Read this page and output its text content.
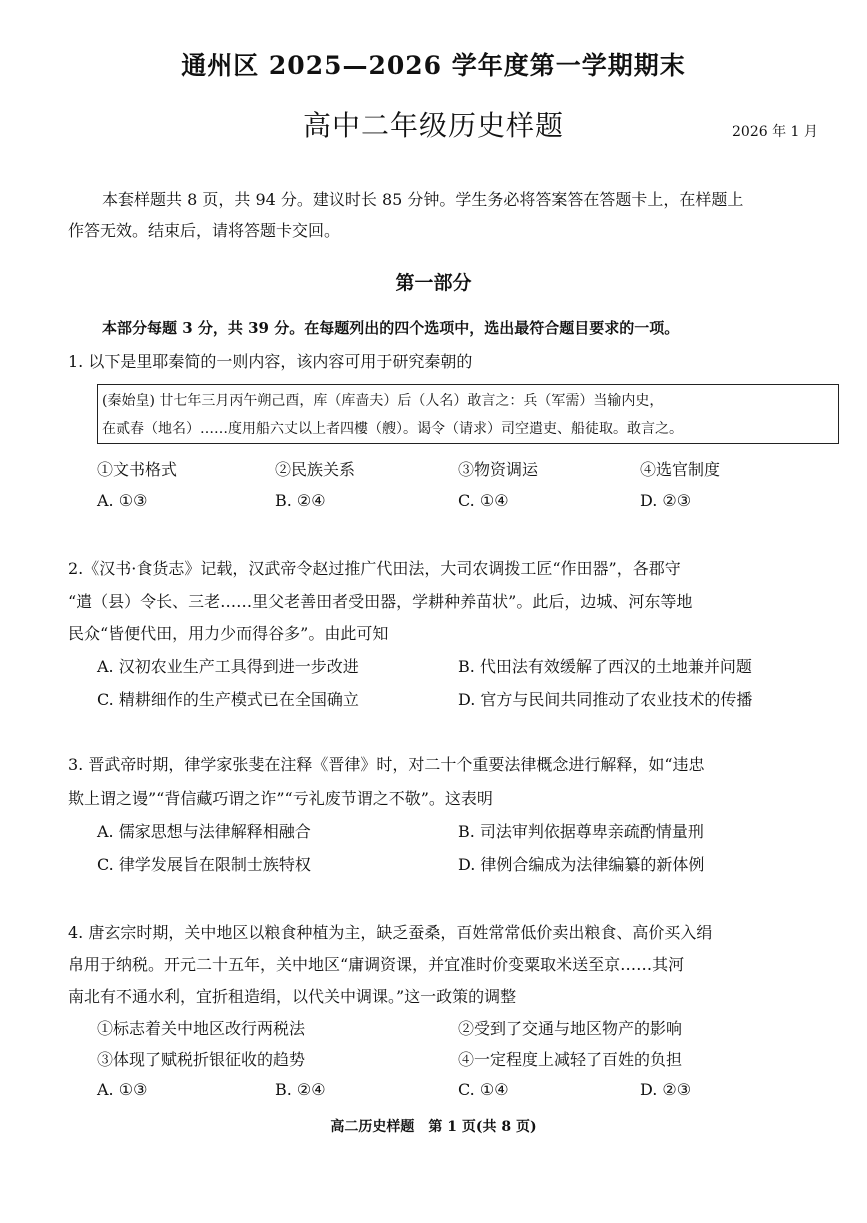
通州区 2025—2026 学年度第一学期期末
高中二年级历史样题	2026 年 1 月
本套样题共 8 页，共 94 分。建议时长 85 分钟。学生务必将答案答在答题卡上，在样题上
作答无效。结束后，请将答题卡交回。
第一部分
本部分每题 3 分，共 39 分。在每题列出的四个选项中，选出最符合题目要求的一项。
1. 以下是里耶秦简的一则内容，该内容可用于研究秦朝的
(秦始皇) 廿七年三月丙午朔己酉，库（库啬夫）后（人名）敢言之：兵（军需）当输内史，
在贰春（地名）……度用船六丈以上者四樓（艘）。谒令（请求）司空遣吏、船徒取。敢言之。
①文书格式	②民族关系	③物资调运	④选官制度
A. ①③	B. ②④	C. ①④	D. ②③
2.《汉书·食货志》记载，汉武帝令赵过推广代田法，大司农调拨工匠“作田器”，各郡守
“遣（县）令长、三老……里父老善田者受田器，学耕种养苗状”。此后，边城、河东等地
民众“皆便代田，用力少而得谷多”。由此可知
A. 汉初农业生产工具得到进一步改进	B. 代田法有效缓解了西汉的土地兼并问题
C. 精耕细作的生产模式已在全国确立	D. 官方与民间共同推动了农业技术的传播
3. 晋武帝时期，律学家张斐在注释《晋律》时，对二十个重要法律概念进行解释，如“违忠
欺上谓之谩”“背信藏巧谓之诈”“亏礼废节谓之不敬”。这表明
A. 儒家思想与法律解释相融合	B. 司法审判依据尊卑亲疏酌情量刑
C. 律学发展旨在限制士族特权	D. 律例合编成为法律编纂的新体例
4. 唐玄宗时期，关中地区以粮食种植为主，缺乏蚕桑，百姓常常低价卖出粮食、高价买入绢
帛用于纳税。开元二十五年，关中地区“庸调资课，并宜准时价变粟取米送至京……其河
南北有不通水利，宜折租造绢，以代关中调课。”这一政策的调整
①标志着关中地区改行两税法	②受到了交通与地区物产的影响
③体现了赋税折银征收的趋势	④一定程度上减轻了百姓的负担
A. ①③	B. ②④	C. ①④	D. ②③
高二历史样题　第 1 页(共 8 页)
